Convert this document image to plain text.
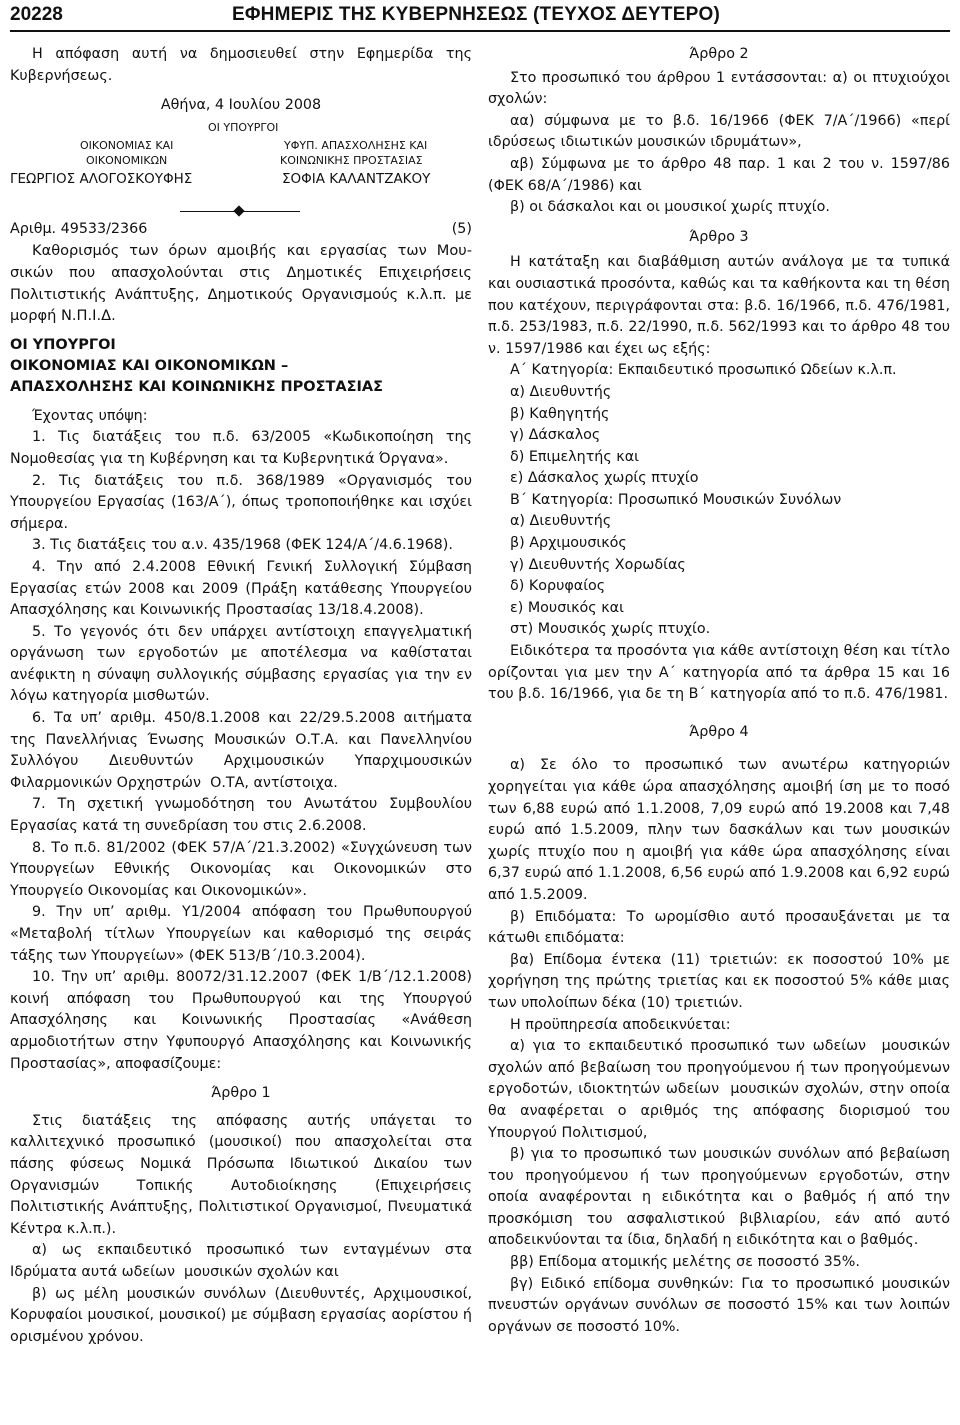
20228	ΕΦΗΜΕΡΙΣ ΤΗΣ ΚΥΒΕΡΝΗΣΕΩΣ (ΤΕΥΧΟΣ ΔΕΥΤΕΡΟ)

Η απόφαση αυτή να δημοσιευθεί στην Εφημερίδα της Κυβερνήσεως.

Αθήνα, 4 Ιουλίου 2008

ΟΙ ΥΠΟΥΡΓΟΙ
ΟΙΚΟΝΟΜΙΑΣ ΚΑΙ
ΟΙΚΟΝΟΜΙΚΩΝ
ΓΕΩΡΓΙΟΣ ΑΛΟΓΟΣΚΟΥΦΗΣ
ΥΦΥΠ. ΑΠΑΣΧΟΛΗΣΗΣ ΚΑΙ
ΚΟΙΝΩΝΙΚΗΣ ΠΡΟΣΤΑΣΙΑΣ
ΣΟΦΙΑ ΚΑΛΑΝΤΖΑΚΟΥ

Αριθμ. 49533/2366	(5)

Καθορισμός των όρων αμοιβής και εργασίας των Μουσικών που απασχολούνται στις Δημοτικές Επιχειρήσεις Πολιτιστικής Ανάπτυξης, Δημοτικούς Οργανισμούς κ.λ.π. με μορφή Ν.Π.Ι.Δ.

ΟΙ ΥΠΟΥΡΓΟΙ

ΟΙΚΟΝΟΜΙΑΣ ΚΑΙ ΟΙΚΟΝΟΜΙΚΩΝ –

ΑΠΑΣΧΟΛΗΣΗΣ ΚΑΙ ΚΟΙΝΩΝΙΚΗΣ ΠΡΟΣΤΑΣΙΑΣ

Έχοντας υπόψη:

1. Τις διατάξεις του π.δ. 63/2005 «Κωδικοποίηση της Νομοθεσίας για τη Κυβέρνηση και τα Κυβερνητικά Όργανα».

2. Τις διατάξεις του π.δ. 368/1989 «Οργανισμός του Υπουργείου Εργασίας (163/Α΄), όπως τροποποιήθηκε και ισχύει σήμερα.

3. Τις διατάξεις του α.ν. 435/1968 (ΦΕΚ 124/Α΄/4.6.1968).

4. Την από 2.4.2008 Εθνική Γενική Συλλογική Σύμβαση Εργασίας ετών 2008 και 2009 (Πράξη κατάθεσης Υπουργείου Απασχόλησης και Κοινωνικής Προστασίας 13/18.4.2008).

5. Το γεγονός ότι δεν υπάρχει αντίστοιχη επαγγελματική οργάνωση των εργοδοτών με αποτέλεσμα να καθίσταται ανέφικτη η σύναψη συλλογικής σύμβασης εργασίας για την εν λόγω κατηγορία μισθωτών.

6. Τα υπ’ αριθμ. 450/8.1.2008 και 22/29.5.2008 αιτήματα της Πανελλήνιας Ένωσης Μουσικών Ο.Τ.Α. και Πανελληνίου Συλλόγου Διευθυντών Αρχιμουσικών Υπαρχιμουσικών Φιλαρμονικών Ορχηστρών Ο.ΤΑ, αντίστοιχα.

7. Τη σχετική γνωμοδότηση του Ανωτάτου Συμβουλίου Εργασίας κατά τη συνεδρίαση του στις 2.6.2008.

8. Το π.δ. 81/2002 (ΦΕΚ 57/Α΄/21.3.2002) «Συγχώνευση των Υπουργείων Εθνικής Οικονομίας και Οικονομικών στο Υπουργείο Οικονομίας και Οικονομικών».

9. Την υπ’ αριθμ. Υ1/2004 απόφαση του Πρωθυπουργού «Μεταβολή τίτλων Υπουργείων και καθορισμό της σειράς τάξης των Υπουργείων» (ΦΕΚ 513/Β΄/10.3.2004).

10. Την υπ’ αριθμ. 80072/31.12.2007 (ΦΕΚ 1/Β΄/12.1.2008) κοινή απόφαση του Πρωθυπουργού και της Υπουργού Απασχόλησης και Κοινωνικής Προστασίας «Ανάθεση αρμοδιοτήτων στην Υφυπουργό Απασχόλησης και Κοινωνικής Προστασίας», αποφασίζουμε:

Άρθρο 1

Στις διατάξεις της απόφασης αυτής υπάγεται το καλλιτεχνικό προσωπικό (μουσικοί) που απασχολείται στα πάσης φύσεως Νομικά Πρόσωπα Ιδιωτικού Δικαίου των Οργανισμών Τοπικής Αυτοδιοίκησης (Επιχειρήσεις Πολιτιστικής Ανάπτυξης, Πολιτιστικοί Οργανισμοί, Πνευματικά Κέντρα κ.λ.π.).

α) ως εκπαιδευτικό προσωπικό των ενταγμένων στα Ιδρύματα αυτά ωδείων μουσικών σχολών και

β) ως μέλη μουσικών συνόλων (Διευθυντές, Αρχιμουσικοί, Κορυφαίοι μουσικοί, μουσικοί) με σύμβαση εργασίας αορίστου ή ορισμένου χρόνου.

Άρθρο 2

Στο προσωπικό του άρθρου 1 εντάσσονται: α) οι πτυχιούχοι σχολών:

αα) σύμφωνα με το β.δ. 16/1966 (ΦΕΚ 7/Α΄/1966) «περί ιδρύσεως ιδιωτικών μουσικών ιδρυμάτων»,

αβ) Σύμφωνα με το άρθρο 48 παρ. 1 και 2 του ν. 1597/86 (ΦΕΚ 68/Α΄/1986) και

β) οι δάσκαλοι και οι μουσικοί χωρίς πτυχίο.

Άρθρο 3

Η κατάταξη και διαβάθμιση αυτών ανάλογα με τα τυπικά και ουσιαστικά προσόντα, καθώς και τα καθήκοντα και τη θέση που κατέχουν, περιγράφονται στα: β.δ. 16/1966, π.δ. 476/1981, π.δ. 253/1983, π.δ. 22/1990, π.δ. 562/1993 και το άρθρο 48 του ν. 1597/1986 και έχει ως εξής:

Α΄ Κατηγορία: Εκπαιδευτικό προσωπικό Ωδείων κ.λ.π.

α) Διευθυντής

β) Καθηγητής

γ) Δάσκαλος

δ) Επιμελητής και

ε) Δάσκαλος χωρίς πτυχίο

Β΄ Κατηγορία: Προσωπικό Μουσικών Συνόλων

α) Διευθυντής

β) Αρχιμουσικός

γ) Διευθυντής Χορωδίας

δ) Κορυφαίος

ε) Μουσικός και

στ) Μουσικός χωρίς πτυχίο.

Ειδικότερα τα προσόντα για κάθε αντίστοιχη θέση και τίτλο ορίζονται για μεν την Α΄ κατηγορία από τα άρθρα 15 και 16 του β.δ. 16/1966, για δε τη Β΄ κατηγορία από το π.δ. 476/1981.

Άρθρο 4

α) Σε όλο το προσωπικό των ανωτέρω κατηγοριών χορηγείται για κάθε ώρα απασχόλησης αμοιβή ίση με το ποσό των 6,88 ευρώ από 1.1.2008, 7,09 ευρώ από 19.2008 και 7,48 ευρώ από 1.5.2009, πλην των δασκάλων και των μουσικών χωρίς πτυχίο που η αμοιβή για κάθε ώρα απασχόλησης είναι 6,37 ευρώ από 1.1.2008, 6,56 ευρώ από 1.9.2008 και 6,92 ευρώ από 1.5.2009.

β) Επιδόματα: Το ωρομίσθιο αυτό προσαυξάνεται με τα κάτωθι επιδόματα:

βα) Επίδομα έντεκα (11) τριετιών: εκ ποσοστού 10% με χορήγηση της πρώτης τριετίας και εκ ποσοστού 5% κάθε μιας των υπολοίπων δέκα (10) τριετιών.

Η προϋπηρεσία αποδεικνύεται:

α) για το εκπαιδευτικό προσωπικό των ωδείων μουσικών σχολών από βεβαίωση του προηγούμενου ή των προηγούμενων εργοδοτών, ιδιοκτητών ωδείων μουσικών σχολών, στην οποία θα αναφέρεται ο αριθμός της απόφασης διορισμού του Υπουργού Πολιτισμού,

β) για το προσωπικό των μουσικών συνόλων από βεβαίωση του προηγούμενου ή των προηγούμενων εργοδοτών, στην οποία αναφέρονται η ειδικότητα και ο βαθμός ή από την προσκόμιση του ασφαλιστικού βιβλιαρίου, εάν από αυτό αποδεικνύονται τα ίδια, δηλαδή η ειδικότητα και ο βαθμός.

ββ) Επίδομα ατομικής μελέτης σε ποσοστό 35%.

βγ) Ειδικό επίδομα συνθηκών: Για το προσωπικό μουσικών πνευστών οργάνων συνόλων σε ποσοστό 15% και των λοιπών οργάνων σε ποσοστό 10%.
